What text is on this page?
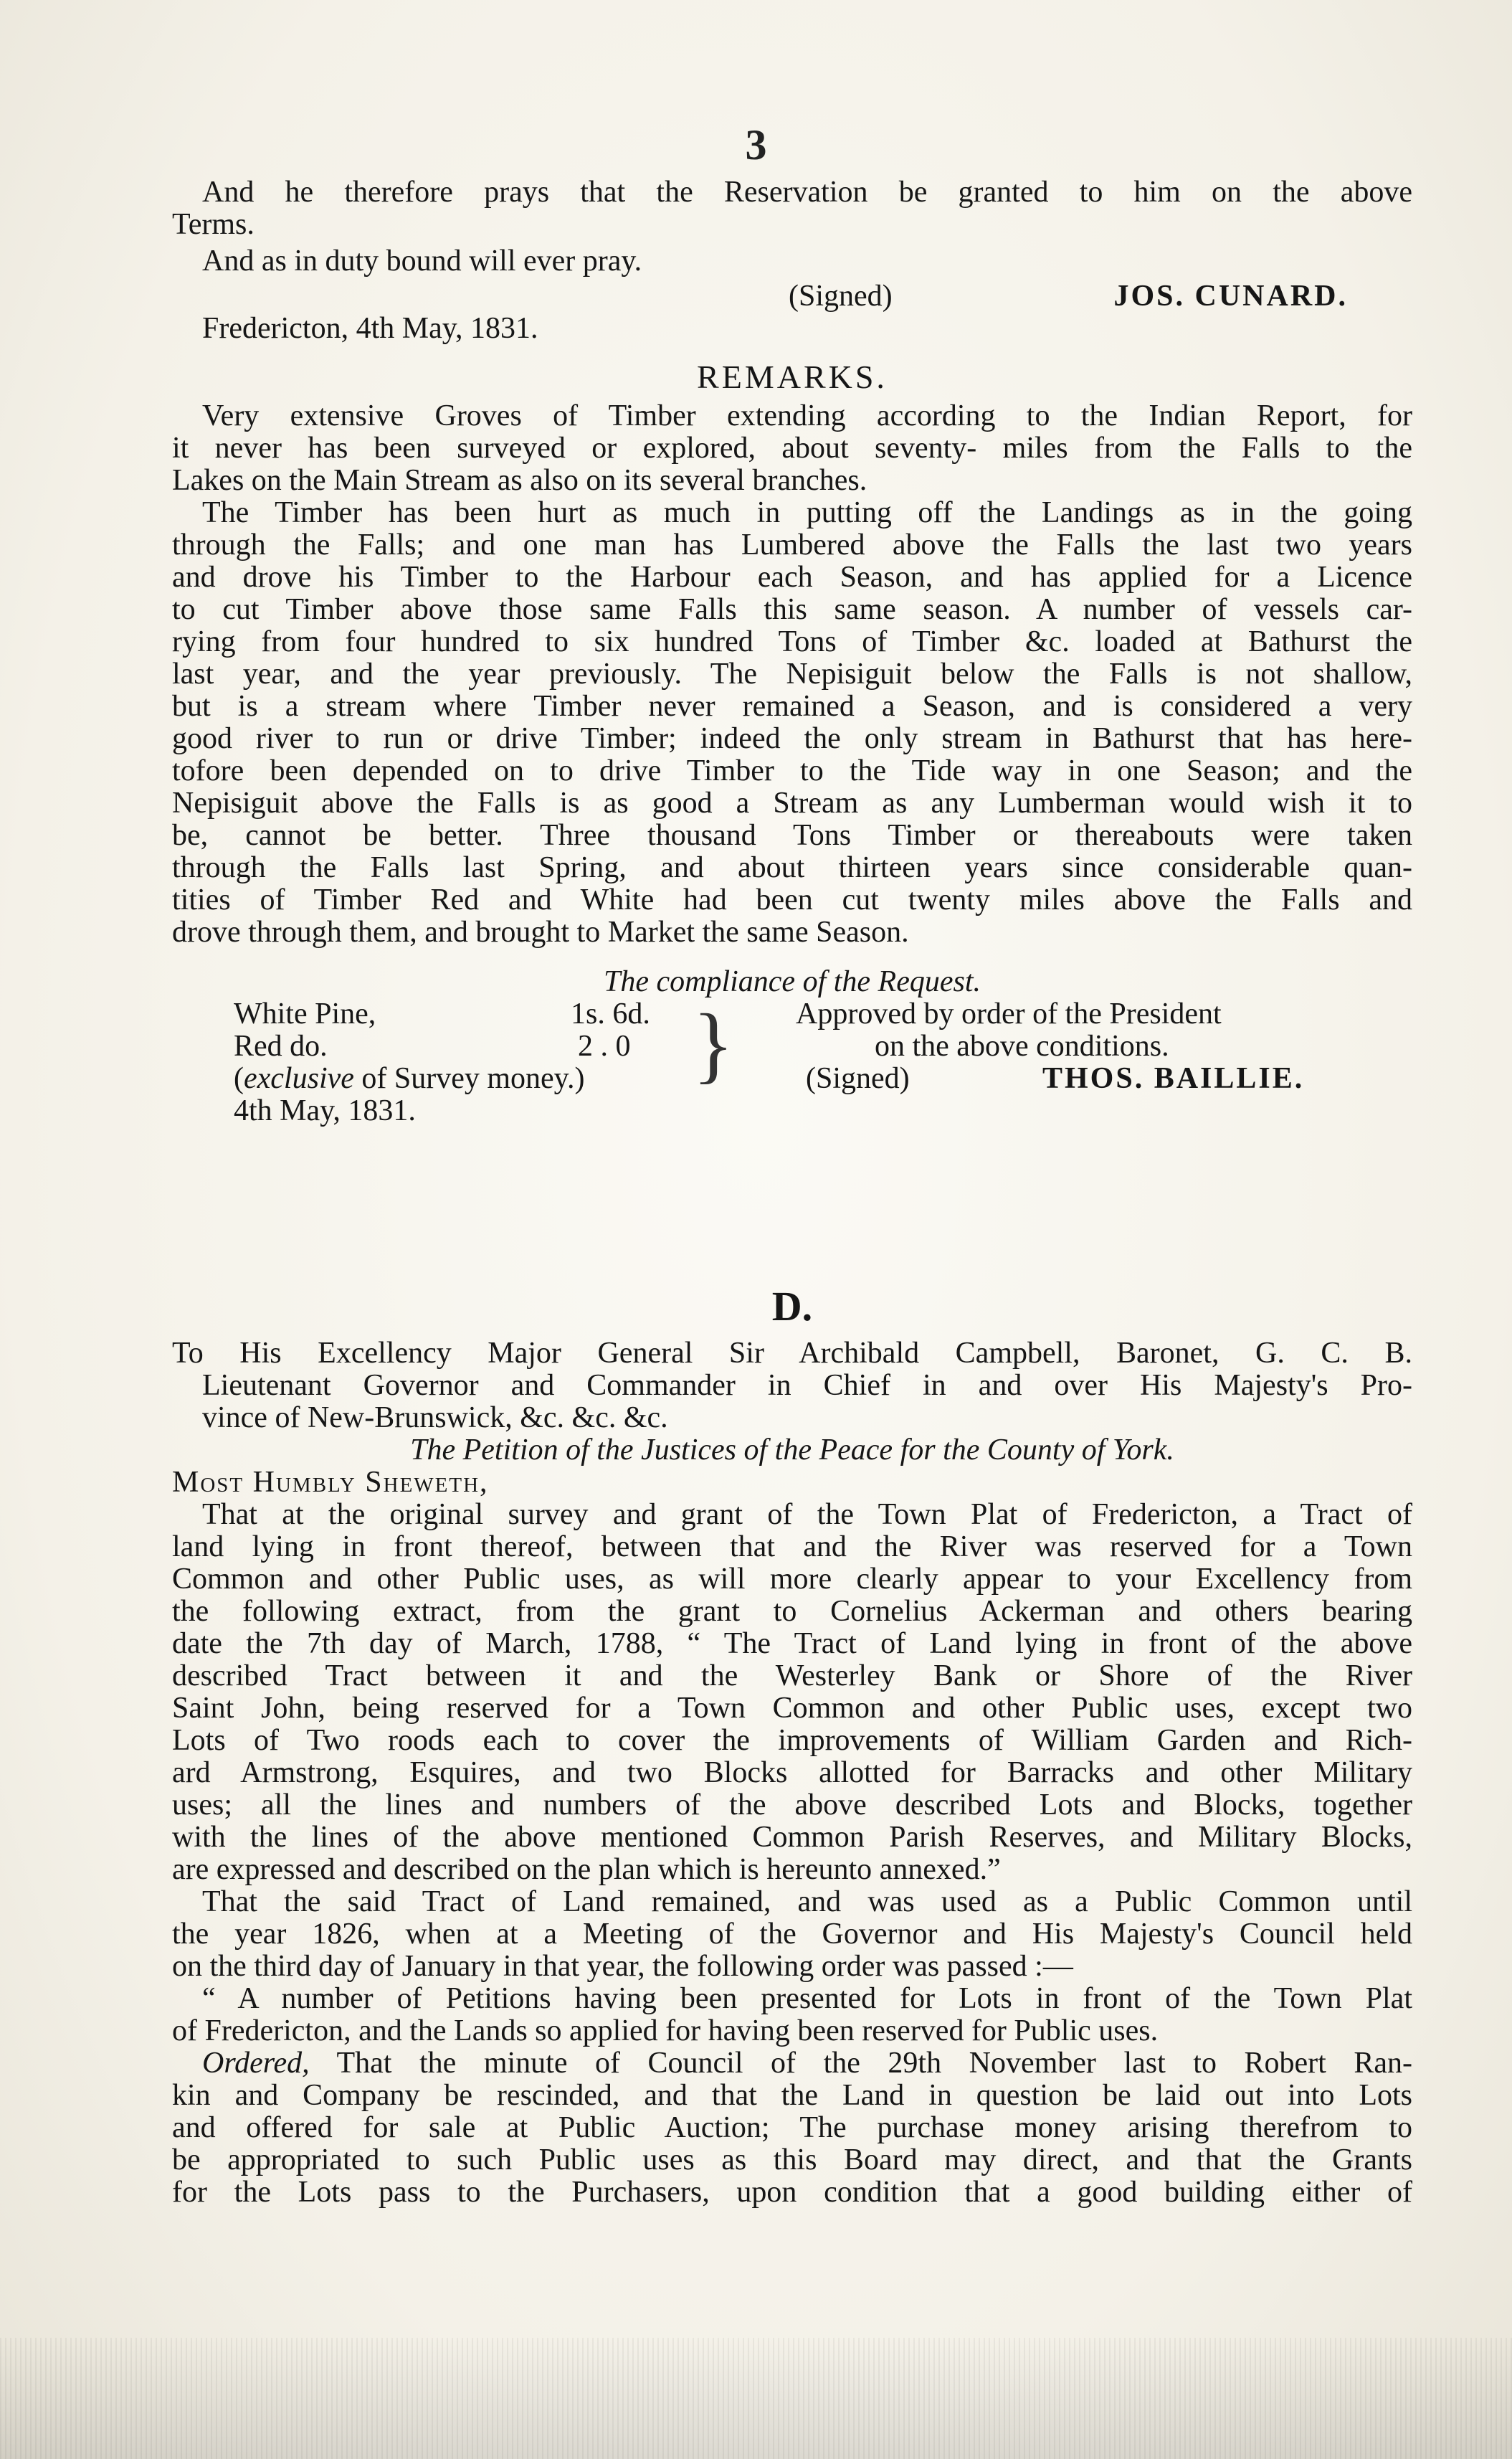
3

And he therefore prays that the Reservation be granted to him on the above

Terms.

And as in duty bound will ever pray.

(Signed)	JOS. CUNARD.

Fredericton, 4th May, 1831.

REMARKS.

Very extensive Groves of Timber extending according to the Indian Report, for

it never has been surveyed or explored, about seventy- miles from the Falls to the

Lakes on the Main Stream as also on its several branches.

The Timber has been hurt as much in putting off the Landings as in the going

through the Falls; and one man has Lumbered above the Falls the last two years

and drove his Timber to the Harbour each Season, and has applied for a Licence

to cut Timber above those same Falls this same season. A number of vessels car-

rying from four hundred to six hundred Tons of Timber &c. loaded at Bathurst the

last year, and the year previously. The Nepisiguit below the Falls is not shallow,

but is a stream where Timber never remained a Season, and is considered a very

good river to run or drive Timber; indeed the only stream in Bathurst that has here-

tofore been depended on to drive Timber to the Tide way in one Season; and the

Nepisiguit above the Falls is as good a Stream as any Lumberman would wish it to

be, cannot be better. Three thousand Tons Timber or thereabouts were taken

through the Falls last Spring, and about thirteen years since considerable quan-

tities of Timber Red and White had been cut twenty miles above the Falls and

drove through them, and brought to Market the same Season.

The compliance of the Request.
White Pine,	1s. 6d.
Red do.	2 . 0
(exclusive of Survey money.)
4th May, 1831.
} Approved by order of the President
on the above conditions.
(Signed)	THOS. BAILLIE.
D.

To His Excellency Major General Sir Archibald Campbell, Baronet, G. C. B.

Lieutenant Governor and Commander in Chief in and over His Majesty's Pro-

vince of New-Brunswick, &c. &c. &c.

The Petition of the Justices of the Peace for the County of York.

Most Humbly Sheweth,

That at the original survey and grant of the Town Plat of Fredericton, a Tract of

land lying in front thereof, between that and the River was reserved for a Town

Common and other Public uses, as will more clearly appear to your Excellency from

the following extract, from the grant to Cornelius Ackerman and others bearing

date the 7th day of March, 1788, “ The Tract of Land lying in front of the above

described Tract between it and the Westerley Bank or Shore of the River

Saint John, being reserved for a Town Common and other Public uses, except two

Lots of Two roods each to cover the improvements of William Garden and Rich-

ard Armstrong, Esquires, and two Blocks allotted for Barracks and other Military

uses; all the lines and numbers of the above described Lots and Blocks, together

with the lines of the above mentioned Common Parish Reserves, and Military Blocks,

are expressed and described on the plan which is hereunto annexed.”

That the said Tract of Land remained, and was used as a Public Common until

the year 1826, when at a Meeting of the Governor and His Majesty's Council held

on the third day of January in that year, the following order was passed :—

“ A number of Petitions having been presented for Lots in front of the Town Plat

of Fredericton, and the Lands so applied for having been reserved for Public uses.

Ordered, That the minute of Council of the 29th November last to Robert Ran-

kin and Company be rescinded, and that the Land in question be laid out into Lots

and offered for sale at Public Auction; The purchase money arising therefrom to

be appropriated to such Public uses as this Board may direct, and that the Grants

for the Lots pass to the Purchasers, upon condition that a good building either of
